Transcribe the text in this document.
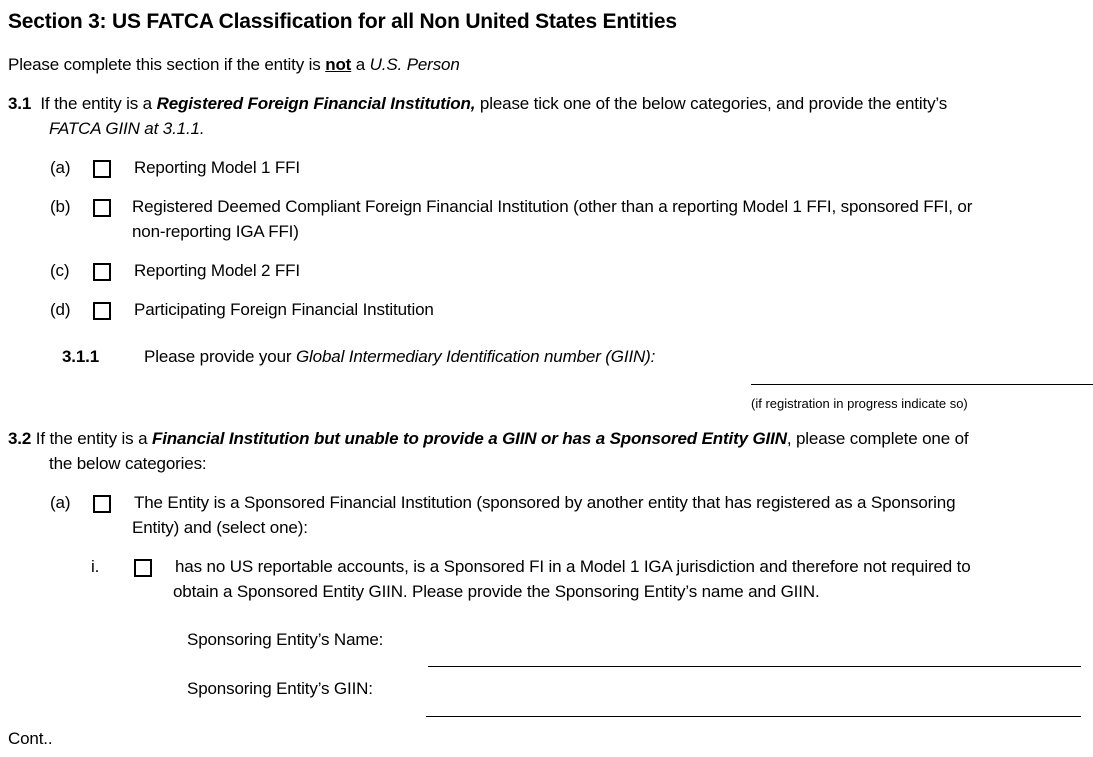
Section 3: US FATCA Classification for all Non United States Entities
Please complete this section if the entity is not a U.S. Person
3.1 If the entity is a Registered Foreign Financial Institution, please tick one of the below categories, and provide the entity’s
FATCA GIIN at 3.1.1.
(a)	Reporting Model 1 FFI
(b)	Registered Deemed Compliant Foreign Financial Institution (other than a reporting Model 1 FFI, sponsored FFI, or
non-reporting IGA FFI)
(c)	Reporting Model 2 FFI
(d)	Participating Foreign Financial Institution
3.1.1	Please provide your Global Intermediary Identification number (GIIN):
(if registration in progress indicate so)
3.2 If the entity is a Financial Institution but unable to provide a GIIN or has a Sponsored Entity GIIN, please complete one of
the below categories:
(a)	The Entity is a Sponsored Financial Institution (sponsored by another entity that has registered as a Sponsoring
Entity) and (select one):
i.	has no US reportable accounts, is a Sponsored FI in a Model 1 IGA jurisdiction and therefore not required to
obtain a Sponsored Entity GIIN. Please provide the Sponsoring Entity’s name and GIIN.
Sponsoring Entity’s Name:
Sponsoring Entity’s GIIN:
Cont..
